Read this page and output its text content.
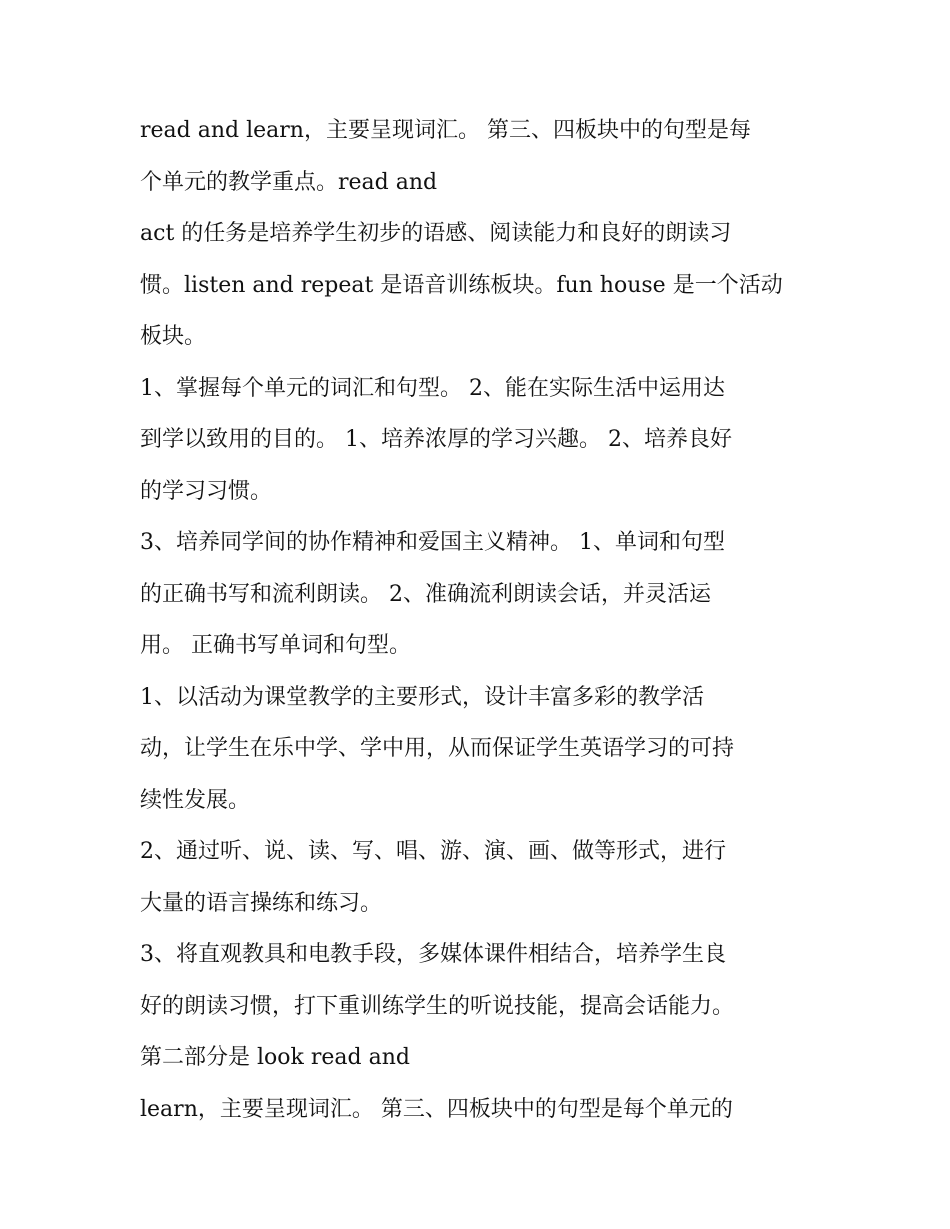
read and learn，主要呈现词汇。 第三、四板块中的句型是每
个单元的教学重点。read and
act 的任务是培养学生初步的语感、阅读能力和良好的朗读习
惯。listen and repeat 是语音训练板块。fun house 是一个活动
板块。
1、掌握每个单元的词汇和句型。 2、能在实际生活中运用达
到学以致用的目的。 1、培养浓厚的学习兴趣。 2、培养良好
的学习习惯。
3、培养同学间的协作精神和爱国主义精神。 1、单词和句型
的正确书写和流利朗读。 2、准确流利朗读会话，并灵活运
用。 正确书写单词和句型。
1、以活动为课堂教学的主要形式，设计丰富多彩的教学活
动，让学生在乐中学、学中用，从而保证学生英语学习的可持
续性发展。
2、通过听、说、读、写、唱、游、演、画、做等形式，进行
大量的语言操练和练习。
3、将直观教具和电教手段，多媒体课件相结合，培养学生良
好的朗读习惯，打下重训练学生的听说技能，提高会话能力。
第二部分是 look read and
learn，主要呈现词汇。 第三、四板块中的句型是每个单元的
